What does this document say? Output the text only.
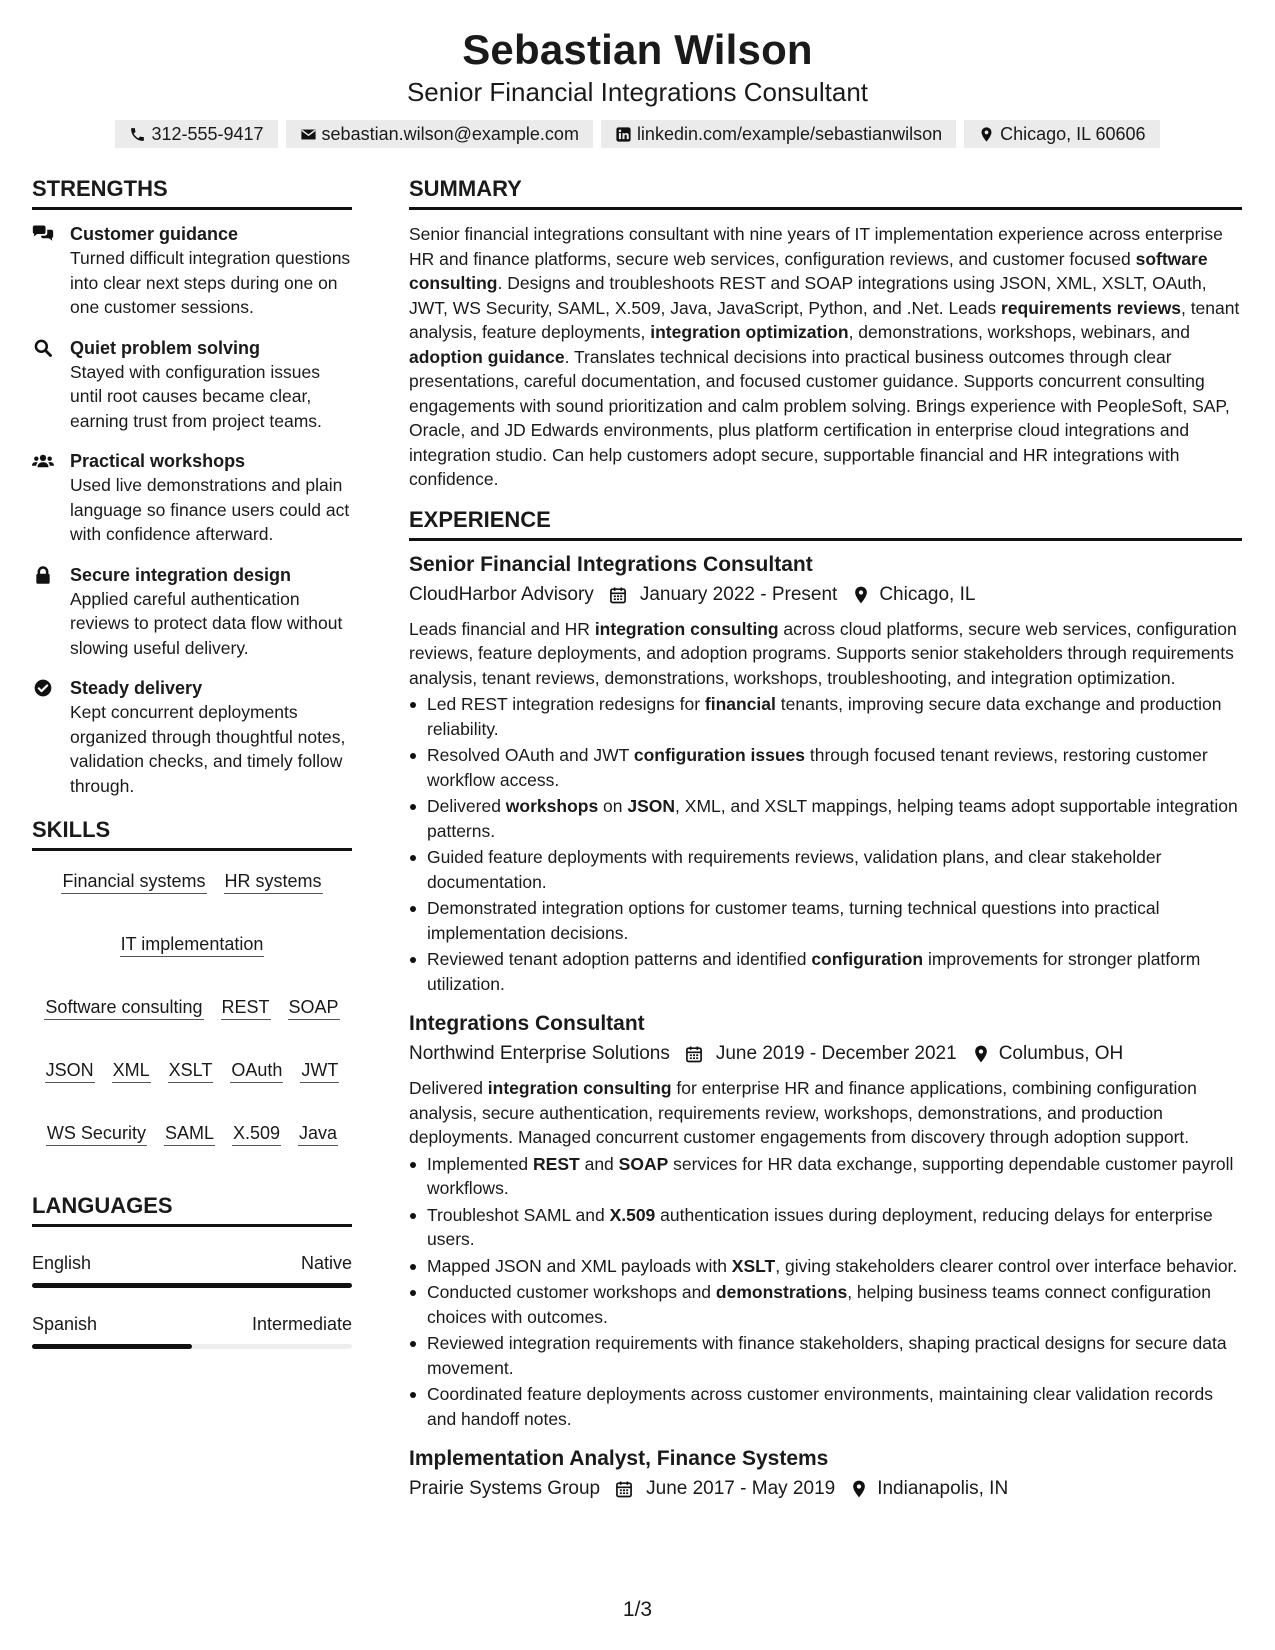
Sebastian Wilson
Senior Financial Integrations Consultant
312-555-9417	sebastian.wilson@example.com	linkedin.com/example/sebastianwilson	Chicago, IL 60606
STRENGTHS
Customer guidance
Turned difficult integration questions into clear next steps during one on one customer sessions.
Quiet problem solving
Stayed with configuration issues until root causes became clear, earning trust from project teams.
Practical workshops
Used live demonstrations and plain language so finance users could act with confidence afterward.
Secure integration design
Applied careful authentication reviews to protect data flow without slowing useful delivery.
Steady delivery
Kept concurrent deployments organized through thoughtful notes, validation checks, and timely follow through.
SKILLS
Financial systems HR systems
IT implementation
Software consulting REST SOAP
JSON XML XSLT OAuth JWT
WS Security SAML X.509 Java
LANGUAGES
English	Native
Spanish	Intermediate
SUMMARY
Senior financial integrations consultant with nine years of IT implementation experience across enterprise HR and finance platforms, secure web services, configuration reviews, and customer focused software consulting. Designs and troubleshoots REST and SOAP integrations using JSON, XML, XSLT, OAuth, JWT, WS Security, SAML, X.509, Java, JavaScript, Python, and .Net. Leads requirements reviews, tenant analysis, feature deployments, integration optimization, demonstrations, workshops, webinars, and adoption guidance. Translates technical decisions into practical business outcomes through clear presentations, careful documentation, and focused customer guidance. Supports concurrent consulting engagements with sound prioritization and calm problem solving. Brings experience with PeopleSoft, SAP, Oracle, and JD Edwards environments, plus platform certification in enterprise cloud integrations and integration studio. Can help customers adopt secure, supportable financial and HR integrations with confidence.
EXPERIENCE
Senior Financial Integrations Consultant
CloudHarbor Advisory January 2022 - Present Chicago, IL
Leads financial and HR integration consulting across cloud platforms, secure web services, configuration reviews, feature deployments, and adoption programs. Supports senior stakeholders through requirements analysis, tenant reviews, demonstrations, workshops, troubleshooting, and integration optimization.
Led REST integration redesigns for financial tenants, improving secure data exchange and production reliability.
Resolved OAuth and JWT configuration issues through focused tenant reviews, restoring customer workflow access.
Delivered workshops on JSON, XML, and XSLT mappings, helping teams adopt supportable integration patterns.
Guided feature deployments with requirements reviews, validation plans, and clear stakeholder documentation.
Demonstrated integration options for customer teams, turning technical questions into practical implementation decisions.
Reviewed tenant adoption patterns and identified configuration improvements for stronger platform utilization.
Integrations Consultant
Northwind Enterprise Solutions June 2019 - December 2021 Columbus, OH
Delivered integration consulting for enterprise HR and finance applications, combining configuration analysis, secure authentication, requirements review, workshops, demonstrations, and production deployments. Managed concurrent customer engagements from discovery through adoption support.
Implemented REST and SOAP services for HR data exchange, supporting dependable customer payroll workflows.
Troubleshot SAML and X.509 authentication issues during deployment, reducing delays for enterprise users.
Mapped JSON and XML payloads with XSLT, giving stakeholders clearer control over interface behavior.
Conducted customer workshops and demonstrations, helping business teams connect configuration choices with outcomes.
Reviewed integration requirements with finance stakeholders, shaping practical designs for secure data movement.
Coordinated feature deployments across customer environments, maintaining clear validation records and handoff notes.
Implementation Analyst, Finance Systems
Prairie Systems Group June 2017 - May 2019 Indianapolis, IN
1/3
